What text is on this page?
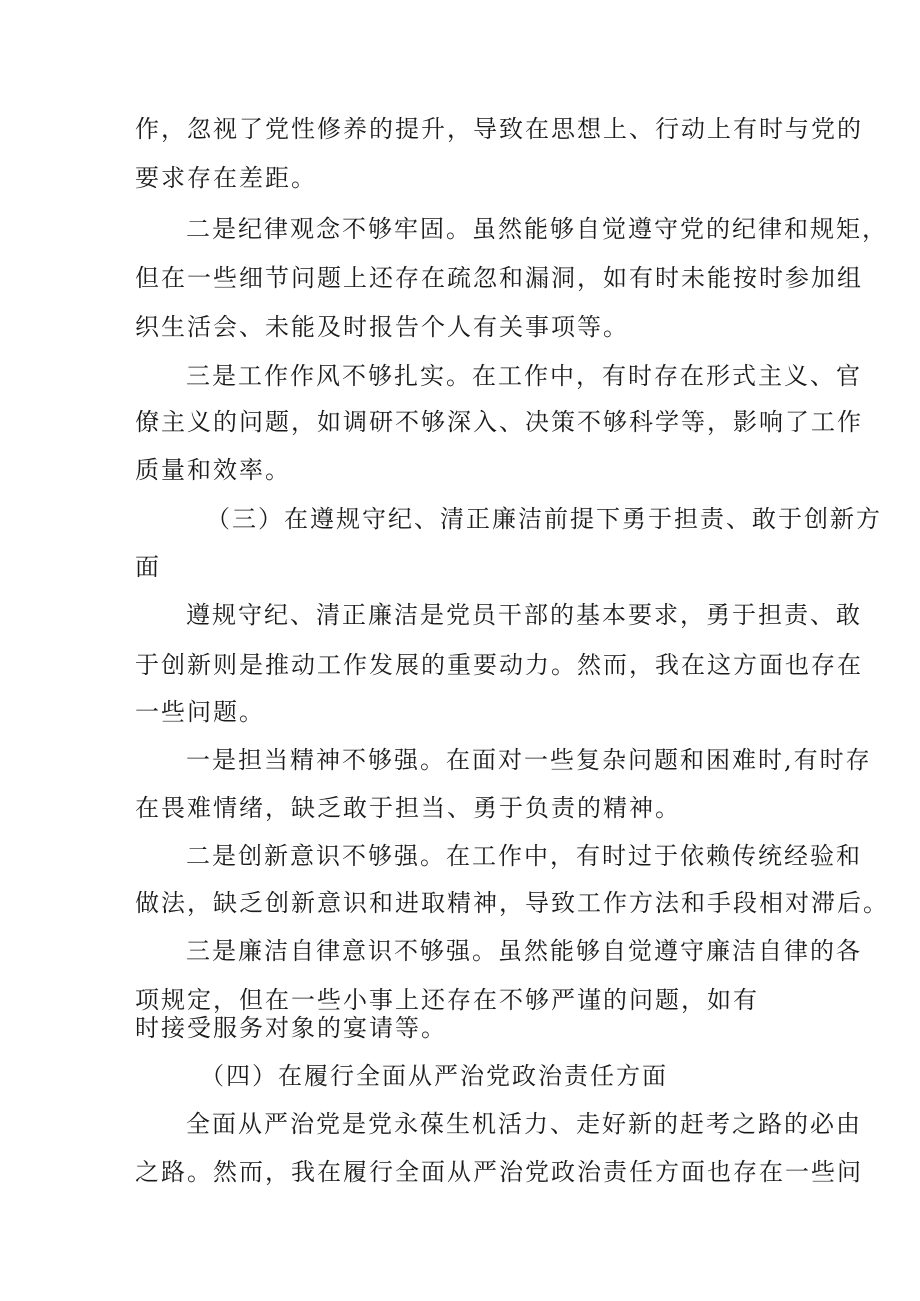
作，忽视了党性修养的提升，导致在思想上、行动上有时与党的
要求存在差距。
二是纪律观念不够牢固。虽然能够自觉遵守党的纪律和规矩，
但在一些细节问题上还存在疏忽和漏洞，如有时未能按时参加组
织生活会、未能及时报告个人有关事项等。
三是工作作风不够扎实。在工作中，有时存在形式主义、官
僚主义的问题，如调研不够深入、决策不够科学等，影响了工作
质量和效率。
（三）在遵规守纪、清正廉洁前提下勇于担责、敢于创新方
面
遵规守纪、清正廉洁是党员干部的基本要求，勇于担责、敢
于创新则是推动工作发展的重要动力。然而，我在这方面也存在
一些问题。
一是担当精神不够强。在面对一些复杂问题和困难时,有时存
在畏难情绪，缺乏敢于担当、勇于负责的精神。
二是创新意识不够强。在工作中，有时过于依赖传统经验和
做法，缺乏创新意识和进取精神，导致工作方法和手段相对滞后。
三是廉洁自律意识不够强。虽然能够自觉遵守廉洁自律的各
项规定，但在一些小事上还存在不够严谨的问题，如有
时接受服务对象的宴请等。
（四）在履行全面从严治党政治责任方面
全面从严治党是党永葆生机活力、走好新的赶考之路的必由
之路。然而，我在履行全面从严治党政治责任方面也存在一些问
